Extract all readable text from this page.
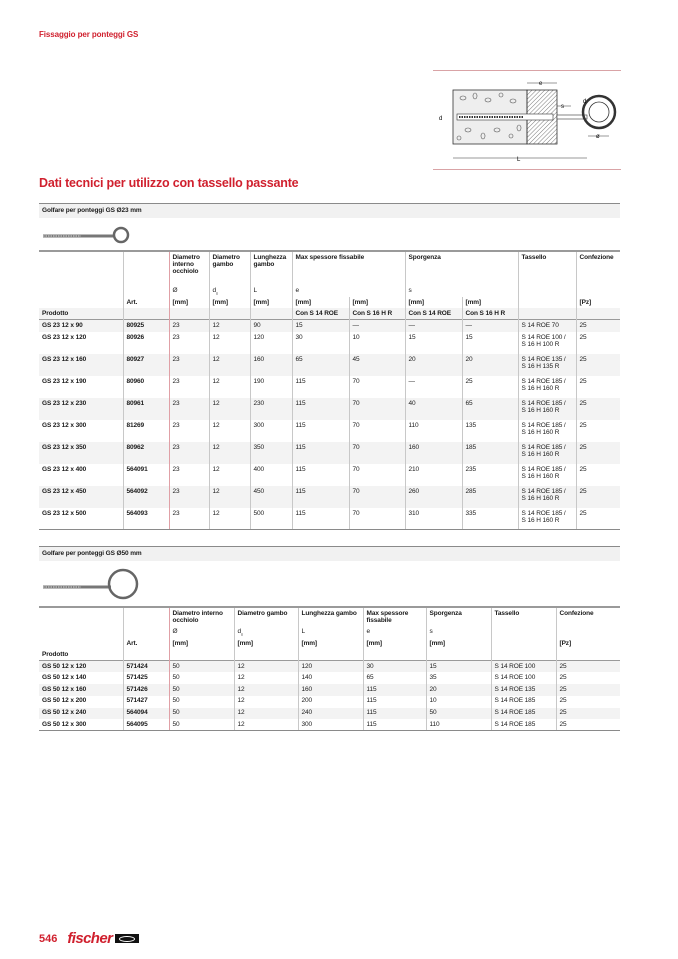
Fissaggio per ponteggi GS
L
e
s
d
d
ø
Dati tecnici per utilizzo con tassello passante
Golfare per ponteggi GS Ø23 mm
		Diametro interno occhiolo	Diametro gambo	Lunghezza gambo	Max spessore fissabile		Sporgenza		Tassello	Confezione
		Ø	$d_s$	L	e		s			
	Art.	[mm]	[mm]	[mm]	[mm]	[mm]	[mm]	[mm]		[Pz]
Prodotto					Con S 14 ROE	Con S 16 H R	Con S 14 ROE	Con S 16 H R		
GS 23 12 x 90	80925	23	12	90	15	—	—	—	S 14 ROE 70	25
GS 23 12 x 120	80926	23	12	120	30	10	15	15	S 14 ROE 100 /
S 16 H 100 R	25
GS 23 12 x 160	80927	23	12	160	65	45	20	20	S 14 ROE 135 /
S 16 H 135 R	25
GS 23 12 x 190	80960	23	12	190	115	70	—	25	S 14 ROE 185 /
S 16 H 160 R	25
GS 23 12 x 230	80961	23	12	230	115	70	40	65	S 14 ROE 185 /
S 16 H 160 R	25
GS 23 12 x 300	81269	23	12	300	115	70	110	135	S 14 ROE 185 /
S 16 H 160 R	25
GS 23 12 x 350	80962	23	12	350	115	70	160	185	S 14 ROE 185 /
S 16 H 160 R	25
GS 23 12 x 400	564091	23	12	400	115	70	210	235	S 14 ROE 185 /
S 16 H 160 R	25
GS 23 12 x 450	564092	23	12	450	115	70	260	285	S 14 ROE 185 /
S 16 H 160 R	25
GS 23 12 x 500	564093	23	12	500	115	70	310	335	S 14 ROE 185 /
S 16 H 160 R	25
Golfare per ponteggi GS Ø50 mm
		Diametro interno occhiolo	Diametro gambo	Lunghezza gambo	Max spessore fissabile	Sporgenza	Tassello	Confezione
		Ø	$d_s$	L	e	s		
	Art.	[mm]	[mm]	[mm]	[mm]	[mm]		[Pz]
Prodotto								
GS 50 12 x 120	571424	50	12	120	30	15	S 14 ROE 100	25
GS 50 12 x 140	571425	50	12	140	65	35	S 14 ROE 100	25
GS 50 12 x 160	571426	50	12	160	115	20	S 14 ROE 135	25
GS 50 12 x 200	571427	50	12	200	115	10	S 14 ROE 185	25
GS 50 12 x 240	564094	50	12	240	115	50	S 14 ROE 185	25
GS 50 12 x 300	564095	50	12	300	115	110	S 14 ROE 185	25
546 fischer
